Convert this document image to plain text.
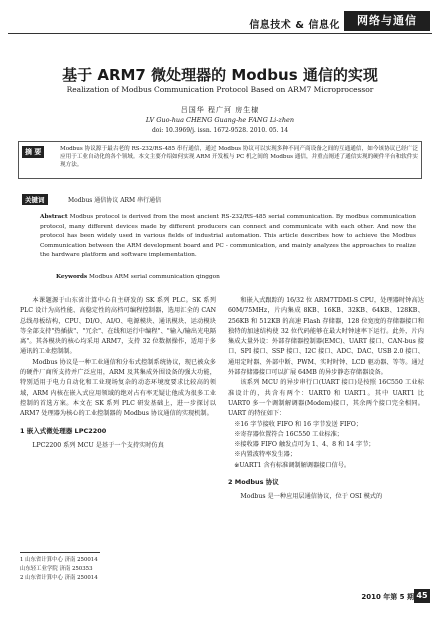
信息技术 & 信息化	网络与通信
基于 ARM7 微处理器的 Modbus 通信的实现
Realization of Modbus Communication Protocol Based on ARM7 Microprocessor
吕国华 程广河 房生棣
LV Guo-hua CHENG Guang-he FANG Li-zhen
doi: 10.3969/j. issn. 1672-9528. 2010. 05. 14
摘 要	Modbus 协议源于最古老的 RS-232/RS-485 串行通信，通过 Modbus 协议可以实现多种不同产商设备之间的互通通信，如今该协议已经广泛应用于工业自动化的各个领域。本文主要介绍如何实现 ARM 开发板与 PC 机之间的 Modbus 通信，并重点阐述了通信实现的硬件平台和软件实现方法。
关键词	Modbus 通信协议 ARM 串行通信
Abstract Modbus protocol is derived from the most ancient RS-232/RS-485 serial communication. By modbus communication protocol, many different devices made by different producers can connect and communicate with each other. And now the protocol has been widely used in various fields of industrial automation. This article describes how to achieve the Modbus Communication between the ARM development board and PC - communication, and mainly analyzes the approaches to realize the hardware platform and software implementation.
Keywords Modbus ARM serial communication qinggon

本课题源于山东省计算中心自主研发的 SK 系列 PLC。SK 系列 PLC 设计为高性能、高稳定性的高档可编程控制器，选用汇全的 CAN 总线母板结构，CPU、DI/O、AI/O、电源模块、通讯模块、运动模块等全部支持"热插拔"、"冗余"、在线和运行中编程"、"输入/输出光电隔离"。其各模块的核心均采用 ARM7，支持 32 位数据操作，适用于多通讯的工业控制制。

Modbus 协议是一种工业通信和分布式控制系统协议，现已被众多的硬件厂商所支持并广泛应用，ARM 及其集成外围设备的强大功能，特别适用于电力自动化和工业现场复杂的动态环境度要求比较高的领域，ARM 内核在嵌入式应用领域的绝对占有率无疑让他成为很多工业控制的首选方案。本文在 SK 系列 PLC 研发基础上，进一步探讨以 ARM7 处理器为核心的工业控制器的 Modbus 协议通信的实现机制。

1 嵌入式微处理器 LPC2200

LPC2200 系列 MCU 是基于一个支持实时仿真

和嵌入式跟踪的 16/32 位 ARM7TDMI-S CPU，处理器时钟高达 60M/75MHz，片内集成 8KB、16KB、32KB、64KB、128KB、256KB 和 512KB 的高速 Flash 存储器，128 位宽度的存储器接口和独特的加速结构使 32 位代码能够在最大时钟速率下运行。此外，片内集成大量外设：外部存储器控制器(EMC)、UART 接口、CAN-bus 接口、SPI 接口、SSP 接口、I2C 接口、ADC、DAC、USB 2.0 接口、通用定时器、外部中断、PWM、实时时钟、LCD 驱动器、等等。通过外部存储器接口可以扩展 64MB 的异步静态存储器设备。

该系列 MCU 的异步串行口(UART 接口)是按照 16C550 工业标准设计的，共含有两个：UART0 和 UART1。其中 UART1 比 UART0 多一个调制解调器(Modem)接口，其余两个接口完全相同。UART 的特征如下：

※16 字节接收 FIFO 和 16 字节发送 FIFO；

※寄存器位置符合 16C550 工业标准；

※接收器 FIFO 触发点可为 1、4、8 和 14 字节；

※内置波特率发生器；

※UART1 含有标准调制解调器接口信号。

2 Modbus 协议

Modbus 是一种应用层通信协议，位于 OSI 模式的

1 山东省计算中心 济南 250014
山东轻工业学院 济南 250353
2 山东省计算中心 济南 250014
2010 年第 5 期 45
